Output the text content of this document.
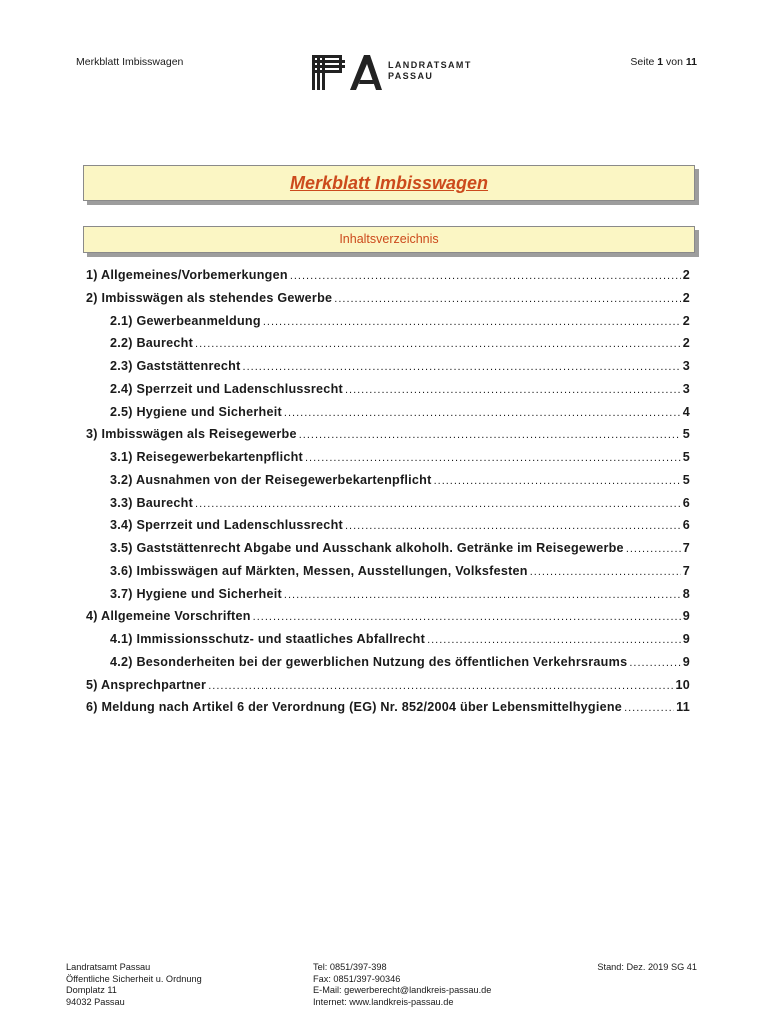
Merkblatt Imbisswagen	LANDRATSAMT
PASSAU
Seite 1 von 11
Merkblatt Imbisswagen
Inhaltsverzeichnis
1) Allgemeines/Vorbemerkungen .....	2
2) Imbisswägen als stehendes Gewerbe .....	2
2.1) Gewerbeanmeldung .....	2
2.2) Baurecht .....	2
2.3) Gaststättenrecht .....	3
2.4) Sperrzeit und Ladenschlussrecht .....	3
2.5) Hygiene und Sicherheit .....	4
3) Imbisswägen als Reisegewerbe .....	5
3.1) Reisegewerbekartenpflicht .....	5
3.2) Ausnahmen von der Reisegewerbekartenpflicht .....	5
3.3) Baurecht .....	6
3.4) Sperrzeit und Ladenschlussrecht .....	6
3.5) Gaststättenrecht Abgabe und Ausschank alkoholh. Getränke im Reisegewerbe .....	7
3.6) Imbisswägen auf Märkten, Messen, Ausstellungen, Volksfesten .....	7
3.7) Hygiene und Sicherheit .....	8
4) Allgemeine Vorschriften .....	9
4.1) Immissionsschutz- und staatliches Abfallrecht .....	9
4.2) Besonderheiten bei der gewerblichen Nutzung des öffentlichen Verkehrsraums .....	9
5) Ansprechpartner .....	10
6) Meldung nach Artikel 6 der Verordnung (EG) Nr. 852/2004 über Lebensmittelhygiene .....	11
Landratsamt Passau
Öffentliche Sicherheit u. Ordnung
Domplatz 11
94032 Passau
Tel: 0851/397-398
Fax: 0851/397-90346
E-Mail: gewerberecht@landkreis-passau.de
Internet: www.landkreis-passau.de
Stand: Dez. 2019 SG 41
